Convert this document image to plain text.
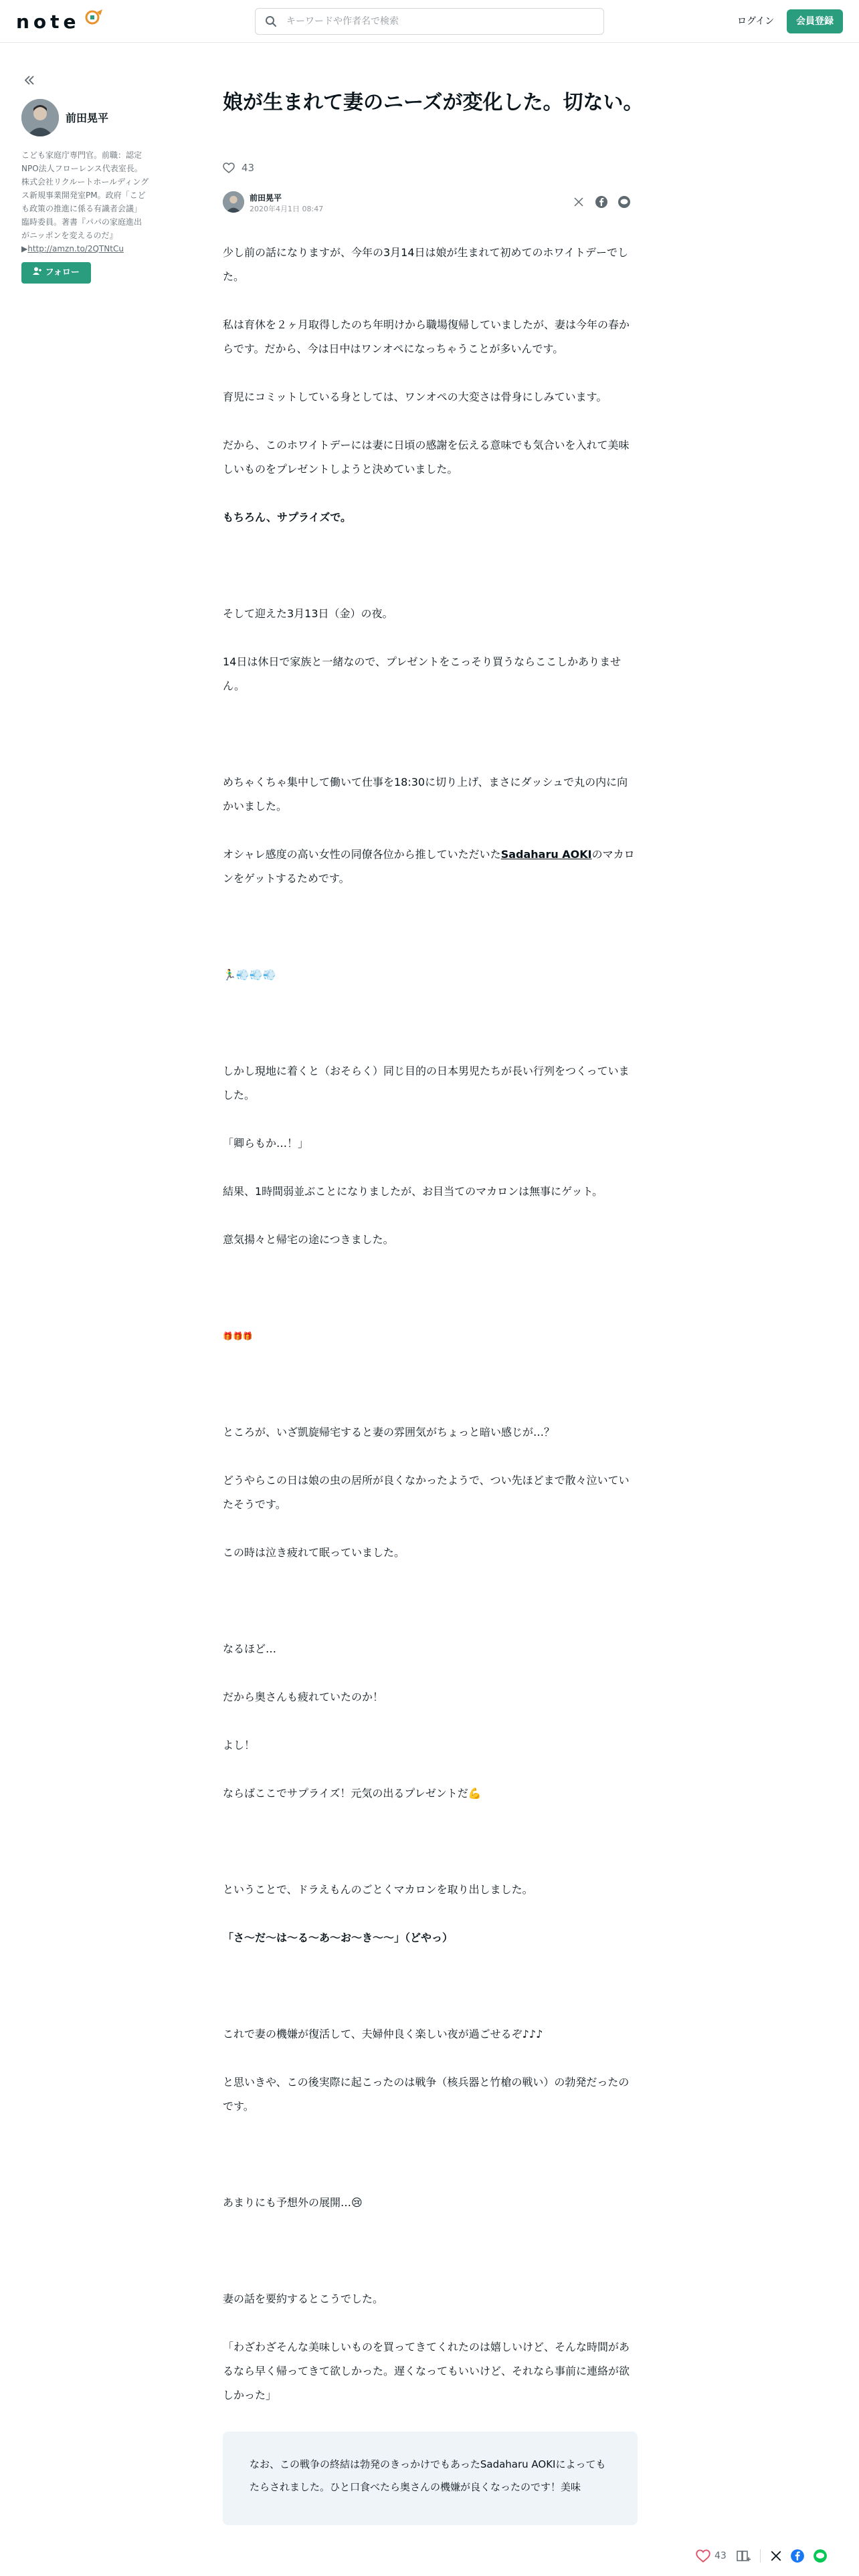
note
キーワードや作者名で検索	ログイン	会員登録
前田晃平
こども家庭庁専門官。前職：認定NPO法人フローレンス代表室長。株式会社リクルートホールディングス新規事業開発室PM。政府「こども政策の推進に係る有識者会議」臨時委員。著書『パパの家庭進出がニッポンを変えるのだ』▶http://amzn.to/2QTNtCu
フォロー
娘が生まれて妻のニーズが変化した。切ない。
43
前田晃平
2020年4月1日 08:47

少し前の話になりますが、今年の3月14日は娘が生まれて初めてのホワイトデーでした。

私は育休を２ヶ月取得したのち年明けから職場復帰していましたが、妻は今年の春からです。だから、今は日中はワンオペになっちゃうことが多いんです。

育児にコミットしている身としては、ワンオペの大変さは骨身にしみています。

だから、このホワイトデーには妻に日頃の感謝を伝える意味でも気合いを入れて美味しいものをプレゼントしようと決めていました。

もちろん、サプライズで。

そして迎えた3月13日（金）の夜。

14日は休日で家族と一緒なので、プレゼントをこっそり買うならここしかありません。

めちゃくちゃ集中して働いて仕事を18:30に切り上げ、まさにダッシュで丸の内に向かいました。

オシャレ感度の高い女性の同僚各位から推していただいたSadaharu AOKIのマカロンをゲットするためです。

🏃‍♂️💨💨💨

しかし現地に着くと（おそらく）同じ目的の日本男児たちが長い行列をつくっていました。

「卿らもか…！」

結果、1時間弱並ぶことになりましたが、お目当てのマカロンは無事にゲット。

意気揚々と帰宅の途につきました。

🎁🎁🎁

ところが、いざ凱旋帰宅すると妻の雰囲気がちょっと暗い感じが…？

どうやらこの日は娘の虫の居所が良くなかったようで、つい先ほどまで散々泣いていたそうです。

この時は泣き疲れて眠っていました。

なるほど…

だから奥さんも疲れていたのか！

よし！

ならばここでサプライズ！元気の出るプレゼントだ💪

ということで、ドラえもんのごとくマカロンを取り出しました。

「さ〜だ〜は〜る〜あ〜お〜き〜〜」（どやっ）

これで妻の機嫌が復活して、夫婦仲良く楽しい夜が過ごせるぞ♪♪♪

と思いきや、この後実際に起こったのは戦争（核兵器と竹槍の戦い）の勃発だったのです。

あまりにも予想外の展開…😢

妻の話を要約するとこうでした。

「わざわざそんな美味しいものを買ってきてくれたのは嬉しいけど、そんな時間があるなら早く帰ってきて欲しかった。遅くなってもいいけど、それなら事前に連絡が欲しかった」

なお、この戦争の終結は勃発のきっかけでもあったSadaharu AOKIによってもたらされました。ひと口食べたら奥さんの機嫌が良くなったのです！美味

43
